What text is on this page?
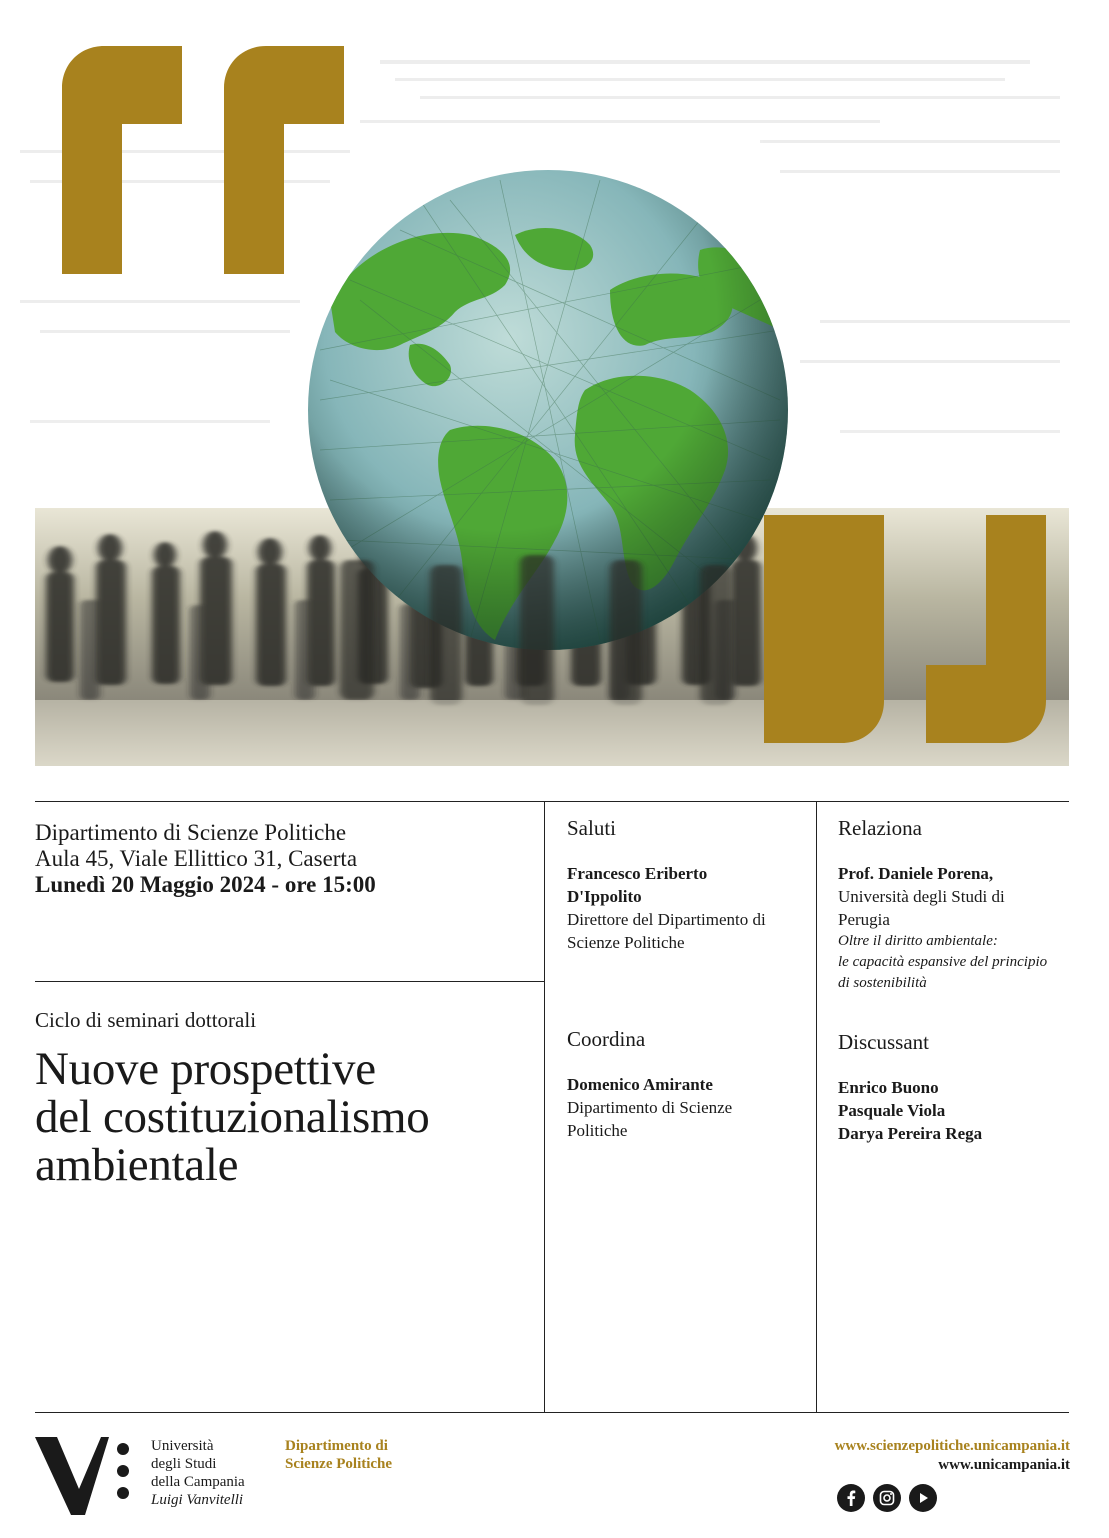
Dipartimento di Scienze Politiche
Aula 45, Viale Ellittico 31, Caserta
Lunedì 20 Maggio 2024 - ore 15:00
Ciclo di seminari dottorali
Nuove prospettive
del costituzionalismo
ambientale
Saluti
Francesco Eriberto
D'Ippolito
Direttore del Dipartimento di
Scienze Politiche
Coordina
Domenico Amirante
Dipartimento di Scienze
Politiche
Relaziona
Prof. Daniele Porena,
Università degli Studi di
Perugia
Oltre il diritto ambientale:
le capacità espansive del principio
di sostenibilità
Discussant
Enrico Buono
Pasquale Viola
Darya Pereira Rega
Università
degli Studi
della Campania
Luigi Vanvitelli
Dipartimento di
Scienze Politiche
www.scienzepolitiche.unicampania.it
www.unicampania.it
